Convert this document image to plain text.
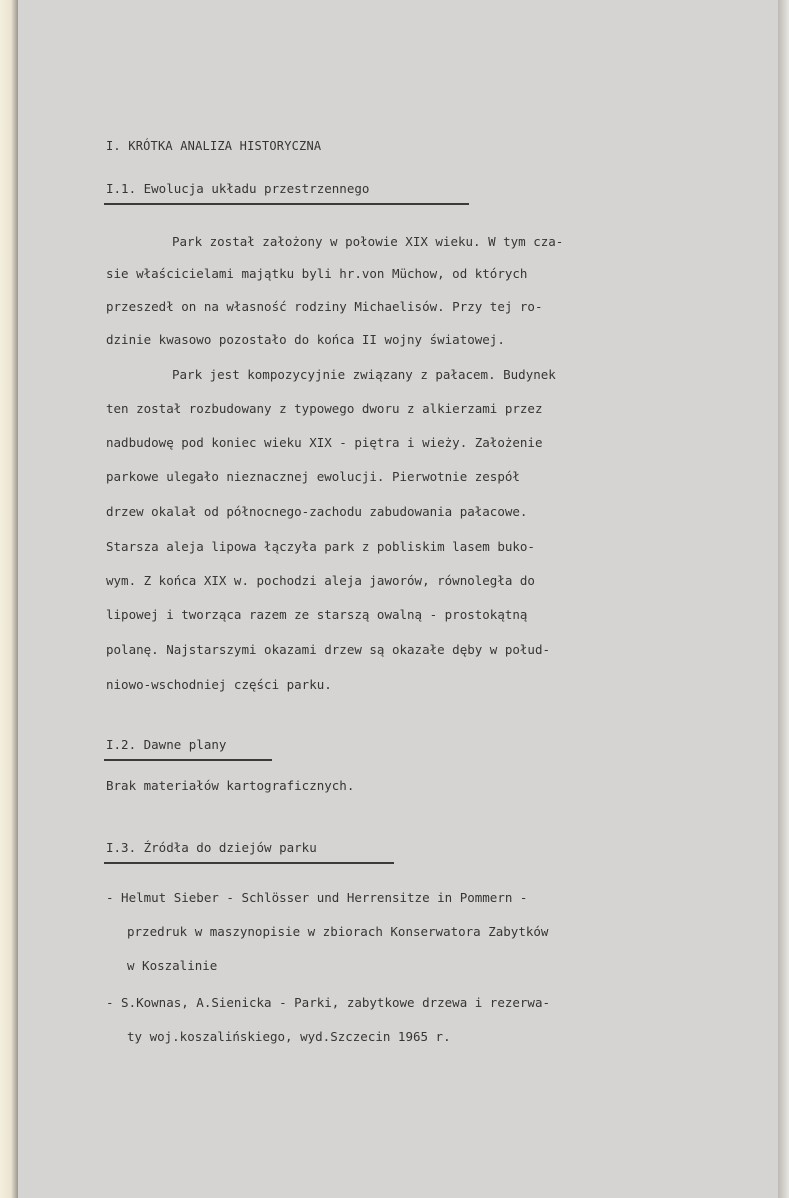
I. KRÓTKA ANALIZA HISTORYCZNA
I.1. Ewolucja układu przestrzennego
Park został założony w połowie XIX wieku. W tym cza-
sie właścicielami majątku byli hr.von Müchow, od których
przeszedł on na własność rodziny Michaelisów. Przy tej ro-
dzinie kwasowo pozostało do końca II wojny światowej.
Park jest kompozycyjnie związany z pałacem. Budynek
ten został rozbudowany z typowego dworu z alkierzami przez
nadbudowę pod koniec wieku XIX - piętra i wieży. Założenie
parkowe ulegało nieznacznej ewolucji. Pierwotnie zespół
drzew okalał od północnego-zachodu zabudowania pałacowe.
Starsza aleja lipowa łączyła park z pobliskim lasem buko-
wym. Z końca XIX w. pochodzi aleja jaworów, równoległa do
lipowej i tworząca razem ze starszą owalną - prostokątną
polanę. Najstarszymi okazami drzew są okazałe dęby w połud-
niowo-wschodniej części parku.
I.2. Dawne plany
Brak materiałów kartograficznych.
I.3. Źródła do dziejów parku
- Helmut Sieber - Schlösser und Herrensitze in Pommern -
przedruk w maszynopisie w zbiorach Konserwatora Zabytków
w Koszalinie
- S.Kownas, A.Sienicka - Parki, zabytkowe drzewa i rezerwa-
ty woj.koszalińskiego, wyd.Szczecin 1965 r.
